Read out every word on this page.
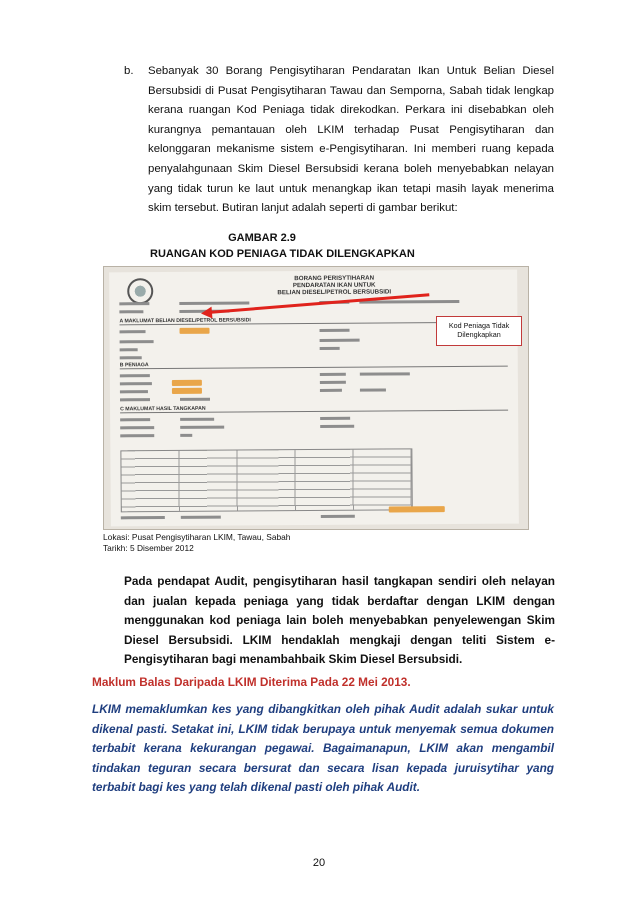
b. Sebanyak 30 Borang Pengisytiharan Pendaratan Ikan Untuk Belian Diesel Bersubsidi di Pusat Pengisytiharan Tawau dan Semporna, Sabah tidak lengkap kerana ruangan Kod Peniaga tidak direkodkan. Perkara ini disebabkan oleh kurangnya pemantauan oleh LKIM terhadap Pusat Pengisytiharan dan kelonggaran mekanisme sistem e-Pengisytiharan. Ini memberi ruang kepada penyalahgunaan Skim Diesel Bersubsidi kerana boleh menyebabkan nelayan yang tidak turun ke laut untuk menangkap ikan tetapi masih layak menerima skim tersebut. Butiran lanjut adalah seperti di gambar berikut:
GAMBAR 2.9
RUANGAN KOD PENIAGA TIDAK DILENGKAPKAN
BORANG PERISYTIHARAN
PENDARATAN IKAN UNTUK
BELIAN DIESEL/PETROL BERSUBSIDI
A MAKLUMAT BELIAN DIESEL/PETROL BERSUBSIDI
B PENIAGA
C MAKLUMAT HASIL TANGKAPAN
Kod Peniaga Tidak Dilengkapkan
Lokasi: Pusat Pengisytiharan LKIM, Tawau, Sabah
Tarikh: 5 Disember 2012
Pada pendapat Audit, pengisytiharan hasil tangkapan sendiri oleh nelayan dan jualan kepada peniaga yang tidak berdaftar dengan LKIM dengan menggunakan kod peniaga lain boleh menyebabkan penyelewengan Skim Diesel Bersubsidi. LKIM hendaklah mengkaji dengan teliti Sistem e-Pengisytiharan bagi menambahbaik Skim Diesel Bersubsidi.
Maklum Balas Daripada LKIM Diterima Pada 22 Mei 2013.
LKIM memaklumkan kes yang dibangkitkan oleh pihak Audit adalah sukar untuk dikenal pasti. Setakat ini, LKIM tidak berupaya untuk menyemak semua dokumen terbabit kerana kekurangan pegawai. Bagaimanapun, LKIM akan mengambil tindakan teguran secara bersurat dan secara lisan kepada juruisytihar yang terbabit bagi kes yang telah dikenal pasti oleh pihak Audit.
20
